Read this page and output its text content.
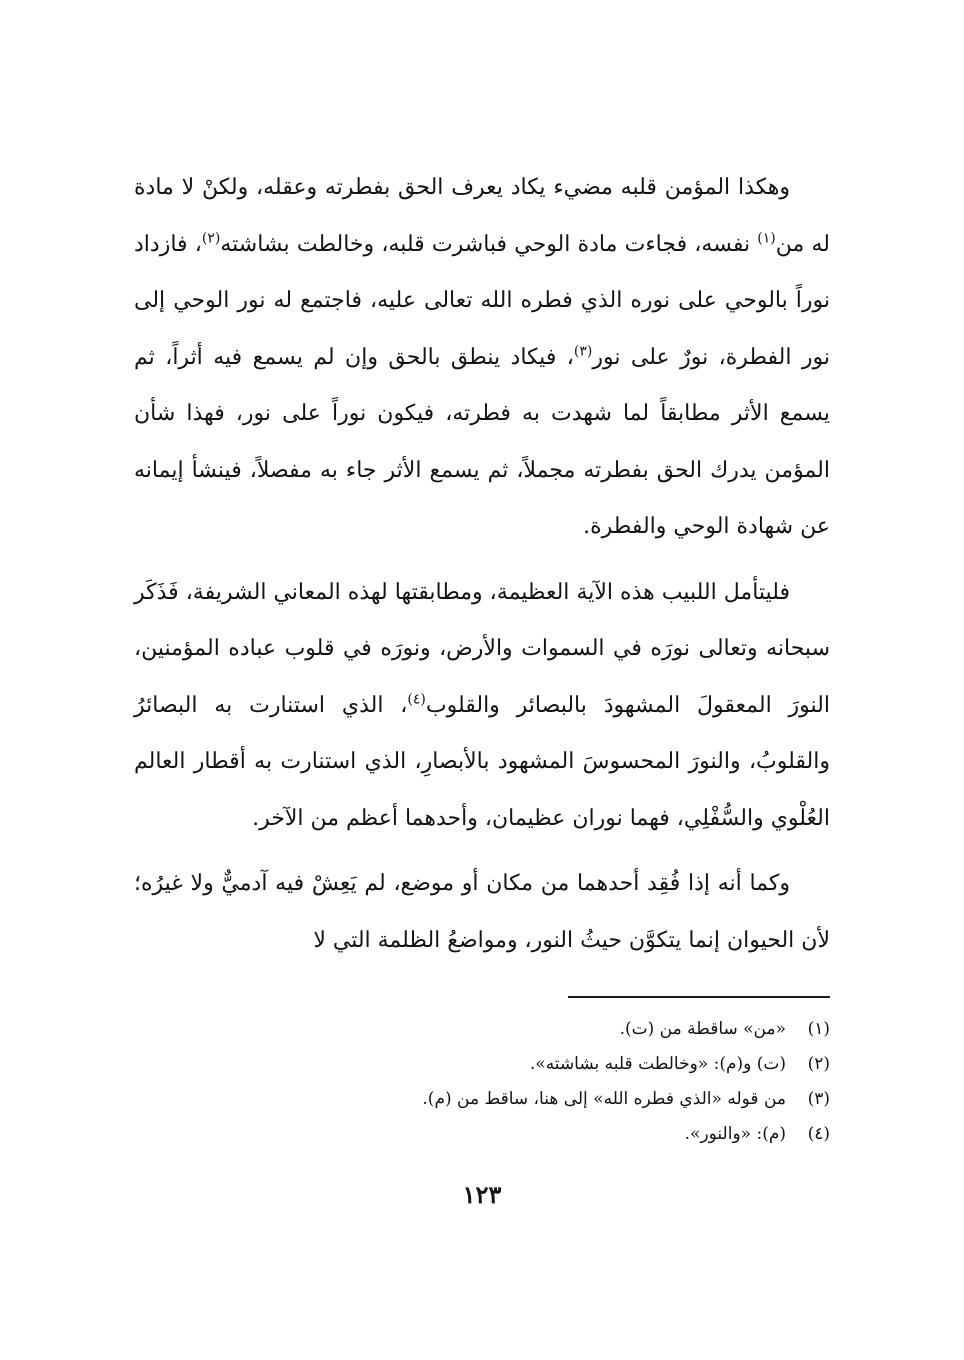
وهكذا المؤمن قلبه مضيء يكاد يعرف الحق بفطرته وعقله، ولكنْ لا مادة له من$^{(١)}$ نفسه، فجاءت مادة الوحي فباشرت قلبه، وخالطت بشاشته$^{(٢)}$، فازداد نوراً بالوحي على نوره الذي فطره الله تعالى عليه، فاجتمع له نور الوحي إلى نور الفطرة، نورٌ على نور$^{(٣)}$، فيكاد ينطق بالحق وإن لم يسمع فيه أثراً، ثم يسمع الأثر مطابقاً لما شهدت به فطرته، فيكون نوراً على نور، فهذا شأن المؤمن يدرك الحق بفطرته مجملاً، ثم يسمع الأثر جاء به مفصلاً، فينشأ إيمانه عن شهادة الوحي والفطرة.

فليتأمل اللبيب هذه الآية العظيمة، ومطابقتها لهذه المعاني الشريفة، فَذَكَر سبحانه وتعالى نورَه في السموات والأرض، ونورَه في قلوب عباده المؤمنين، النورَ المعقولَ المشهودَ بالبصائر والقلوب$^{(٤)}$، الذي استنارت به البصائرُ والقلوبُ، والنورَ المحسوسَ المشهود بالأبصارِ، الذي استنارت به أقطار العالم العُلْوي والسُّفْلِي، فهما نوران عظيمان، وأحدهما أعظم من الآخر.

وكما أنه إذا فُقِد أحدهما من مكان أو موضع، لم يَعِشْ فيه آدميٌّ ولا غيرُه؛ لأن الحيوان إنما يتكوَّن حيثُ النور، ومواضعُ الظلمة التي لا

(١)
«من» ساقطة من (ت).
(٢)
(ت) و(م): «وخالطت قلبه بشاشته».
(٣)
من قوله «الذي فطره الله» إلى هنا، ساقط من (م).
(٤)
(م): «والنور».
١٢٣
